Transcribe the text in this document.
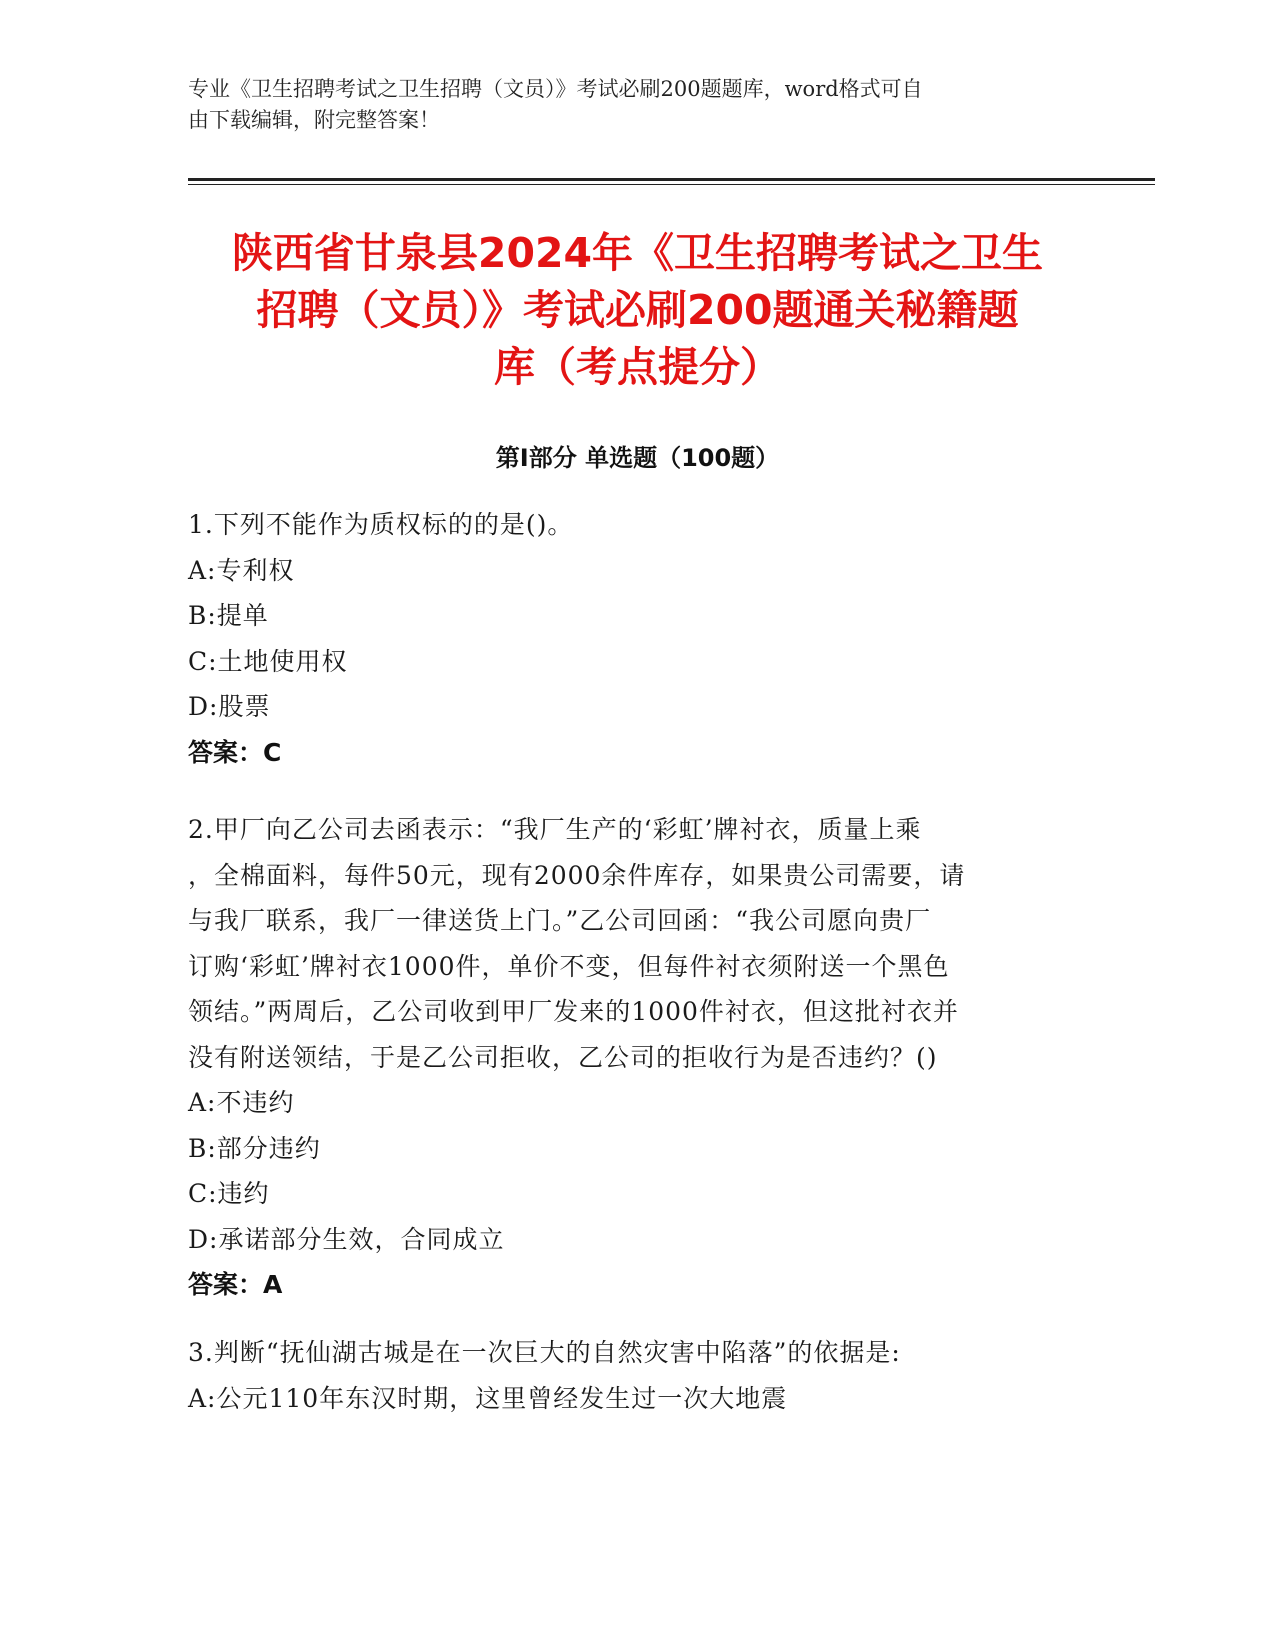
专业《卫生招聘考试之卫生招聘（文员）》考试必刷200题题库，word格式可自
由下载编辑，附完整答案！
陕西省甘泉县2024年《卫生招聘考试之卫生
招聘（文员）》考试必刷200题通关秘籍题
库（考点提分）
第Ⅰ部分 单选题（100题）
1.下列不能作为质权标的的是()。
A:专利权
B:提单
C:土地使用权
D:股票
答案：C
2.甲厂向乙公司去函表示：“我厂生产的‘彩虹’牌衬衣，质量上乘
，全棉面料，每件50元，现有2000余件库存，如果贵公司需要，请
与我厂联系，我厂一律送货上门。”乙公司回函：“我公司愿向贵厂
订购‘彩虹’牌衬衣1000件，单价不变，但每件衬衣须附送一个黑色
领结。”两周后，乙公司收到甲厂发来的1000件衬衣，但这批衬衣并
没有附送领结，于是乙公司拒收，乙公司的拒收行为是否违约？()
A:不违约
B:部分违约
C:违约
D:承诺部分生效，合同成立
答案：A
3.判断“抚仙湖古城是在一次巨大的自然灾害中陷落”的依据是:
A:公元110年东汉时期，这里曾经发生过一次大地震
